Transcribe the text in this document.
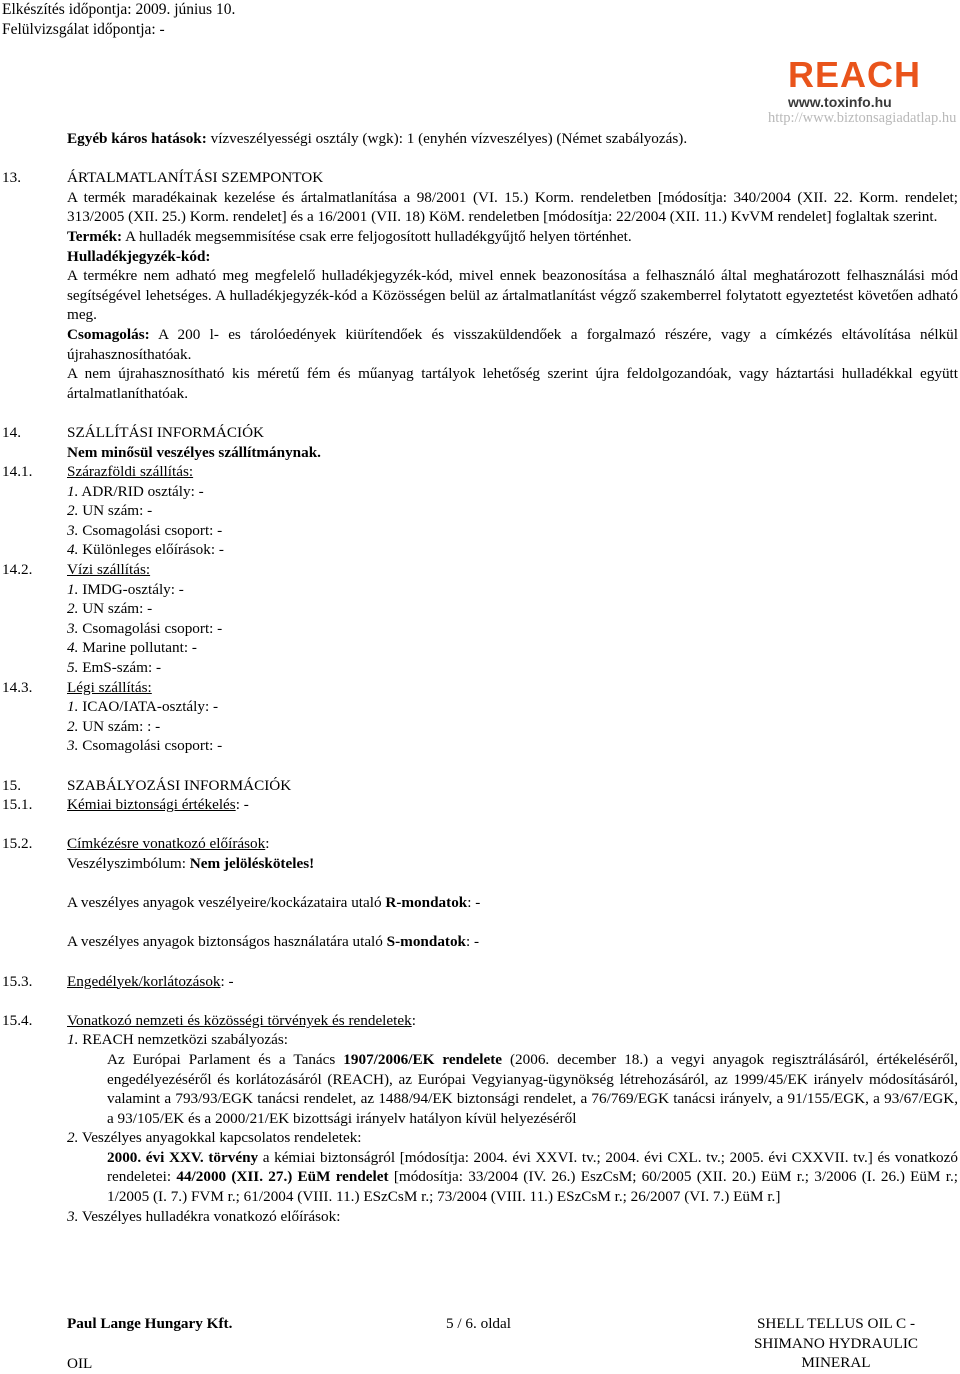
Elkészítés időpontja: 2009. június 10.
Felülvizsgálat időpontja: -
REACH
www.toxinfo.hu
http://www.biztonsagiadatlap.hu
Egyéb káros hatások: vízveszélyességi osztály (wgk): 1 (enyhén vízveszélyes) (Német szabályozás).
13.	ÁRTALMATLANÍTÁSI SZEMPONTOK
A termék maradékainak kezelése és ártalmatlanítása a 98/2001 (VI. 15.) Korm. rendeletben [módosítja: 340/2004 (XII. 22. Korm. rendelet; 313/2005 (XII. 25.) Korm. rendelet] és a 16/2001 (VII. 18) KöM. rendeletben [módosítja: 22/2004 (XII. 11.) KvVM rendelet] foglaltak szerint.
Termék: A hulladék megsemmisítése csak erre feljogosított hulladékgyűjtő helyen történhet.
Hulladékjegyzék-kód:
A termékre nem adható meg megfelelő hulladékjegyzék-kód, mivel ennek beazonosítása a felhasználó által meghatározott felhasználási mód segítségével lehetséges. A hulladékjegyzék-kód a Közösségen belül az ártalmatlanítást végző szakemberrel folytatott egyeztetést követően adható meg.
Csomagolás: A 200 l- es tárolóedények kiürítendőek és visszaküldendőek a forgalmazó részére, vagy a címkézés eltávolítása nélkül újrahasznosíthatóak.
A nem újrahasznosítható kis méretű fém és műanyag tartályok lehetőség szerint újra feldolgozandóak, vagy háztartási hulladékkal együtt ártalmatlaníthatóak.
14.	SZÁLLÍTÁSI INFORMÁCIÓK
Nem minősül veszélyes szállítmánynak.
14.1.	Szárazföldi szállítás:
1. ADR/RID osztály: -
2. UN szám: -
3. Csomagolási csoport: -
4. Különleges előírások: -
14.2.	Vízi szállítás:
1. IMDG-osztály: -
2. UN szám: -
3. Csomagolási csoport: -
4. Marine pollutant: -
5. EmS-szám: -
14.3.	Légi szállítás:
1. ICAO/IATA-osztály: -
2. UN szám: : -
3. Csomagolási csoport: -
15.	SZABÁLYOZÁSI INFORMÁCIÓK
15.1.	Kémiai biztonsági értékelés: -
15.2.	Címkézésre vonatkozó előírások:
Veszélyszimbólum: Nem jelölésköteles!
A veszélyes anyagok veszélyeire/kockázataira utaló R-mondatok: -
A veszélyes anyagok biztonságos használatára utaló S-mondatok: -
15.3.	Engedélyek/korlátozások: -
15.4.	Vonatkozó nemzeti és közösségi törvények és rendeletek:
1. REACH nemzetközi szabályozás:
Az Európai Parlament és a Tanács 1907/2006/EK rendelete (2006. december 18.) a vegyi anyagok regisztrálásáról, értékeléséről, engedélyezéséről és korlátozásáról (REACH), az Európai Vegyianyag-ügynökség létrehozásáról, az 1999/45/EK irányelv módosításáról, valamint a 793/93/EGK tanácsi rendelet, az 1488/94/EK biztonsági rendelet, a 76/769/EGK tanácsi irányelv, a 91/155/EGK, a 93/67/EGK, a 93/105/EK és a 2000/21/EK bizottsági irányelv hatályon kívül helyezéséről
2. Veszélyes anyagokkal kapcsolatos rendeletek:
2000. évi XXV. törvény a kémiai biztonságról [módosítja: 2004. évi XXVI. tv.; 2004. évi CXL. tv.; 2005. évi CXXVII. tv.] és vonatkozó rendeletei: 44/2000 (XII. 27.) EüM rendelet [módosítja: 33/2004 (IV. 26.) EszCsM; 60/2005 (XII. 20.) EüM r.; 3/2006 (I. 26.) EüM r.; 1/2005 (I. 7.) FVM r.; 61/2004 (VIII. 11.) ESzCsM r.; 73/2004 (VIII. 11.) ESzCsM r.; 26/2007 (VI. 7.) EüM r.]
3. Veszélyes hulladékra vonatkozó előírások:
Paul Lange Hungary Kft.	5 / 6. oldal	SHELL TELLUS OIL C -
SHIMANO HYDRAULIC MINERAL
OIL
